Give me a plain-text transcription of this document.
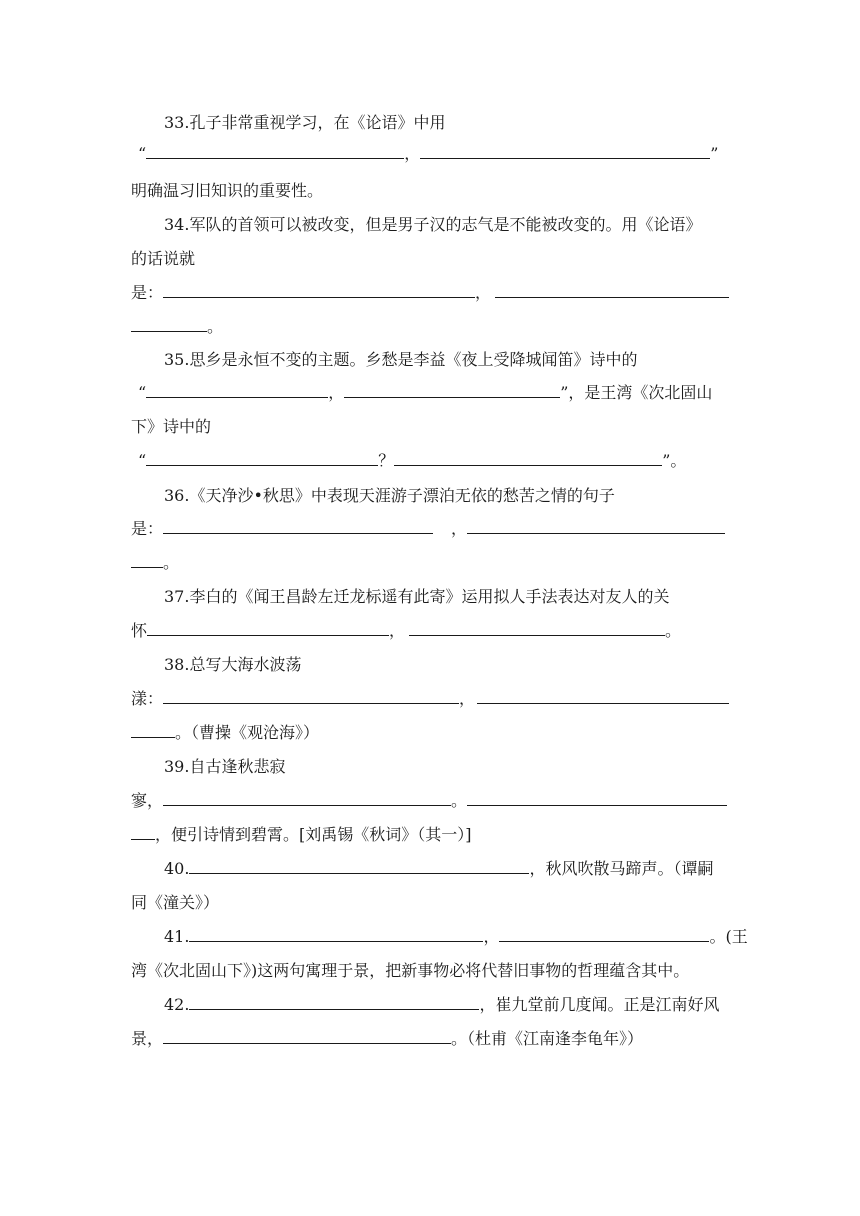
33.孔子非常重视学习，在《论语》中用
“	，	”
明确温习旧知识的重要性。
34.军队的首领可以被改变，但是男子汉的志气是不能被改变的。用《论语》
的话说就
是：	，
。
35.思乡是永恒不变的主题。乡愁是李益《夜上受降城闻笛》诗中的
“	，	”，是王湾《次北固山
下》诗中的
“	？	”。
36.《天净沙•秋思》中表现天涯游子漂泊无依的愁苦之情的句子
是：	，
。
37.李白的《闻王昌龄左迁龙标遥有此寄》运用拟人手法表达对友人的关
怀	，	。
38.总写大海水波荡
漾：	，
。（曹操《观沧海》）
39.自古逢秋悲寂
寥，	。
，便引诗情到碧霄。[刘禹锡《秋词》（其一）]
40.	，秋风吹散马蹄声。（谭嗣
同《潼关》）
41.	，	。(王
湾《次北固山下》)这两句寓理于景，把新事物必将代替旧事物的哲理蕴含其中。
42.	，崔九堂前几度闻。正是江南好风
景，	。（杜甫《江南逢李龟年》）
